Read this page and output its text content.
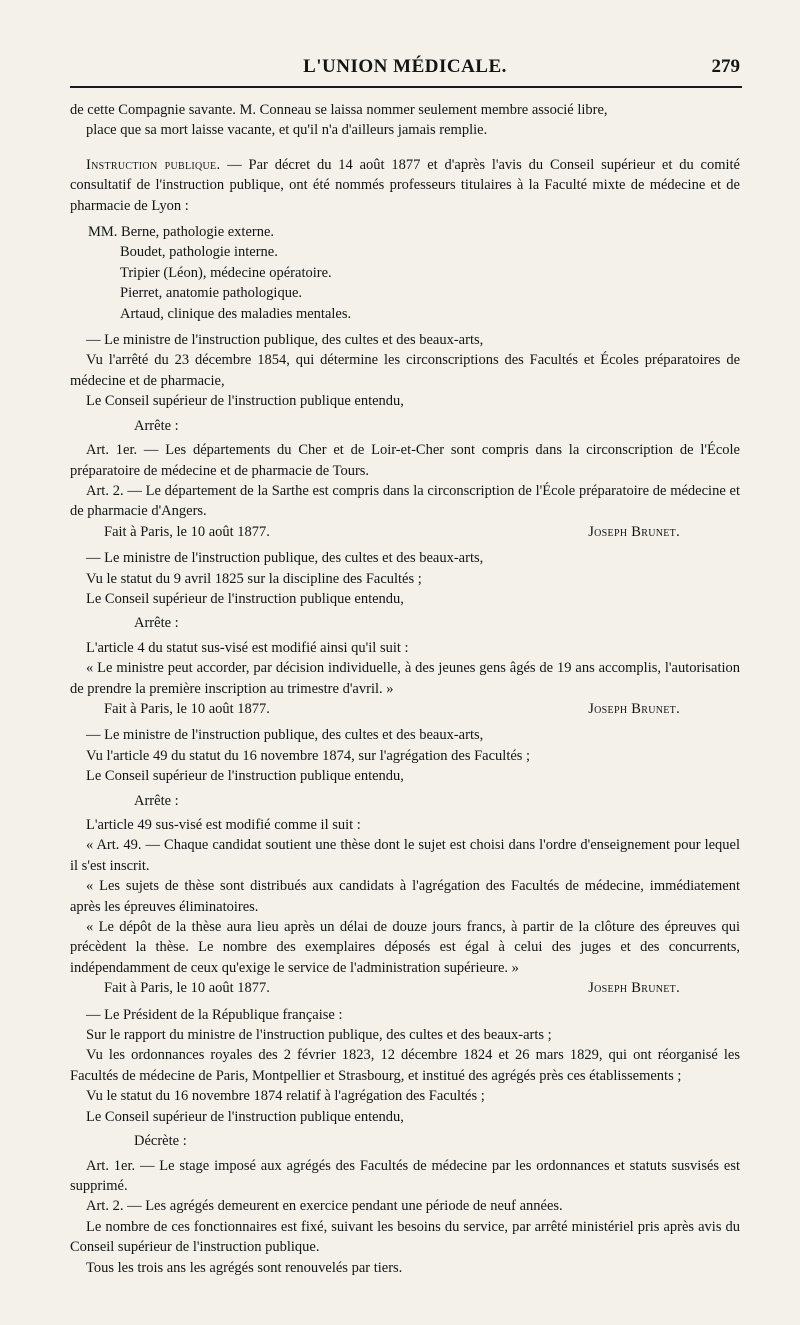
L'UNION MÉDICALE.	279

de cette Compagnie savante. M. Conneau se laissa nommer seulement membre associé libre,

place que sa mort laisse vacante, et qu'il n'a d'ailleurs jamais remplie.

Instruction publique. — Par décret du 14 août 1877 et d'après l'avis du Conseil supérieur et du comité consultatif de l'instruction publique, ont été nommés professeurs titulaires à la Faculté mixte de médecine et de pharmacie de Lyon :

MM. Berne, pathologie externe.

Boudet, pathologie interne.

Tripier (Léon), médecine opératoire.

Pierret, anatomie pathologique.

Artaud, clinique des maladies mentales.

— Le ministre de l'instruction publique, des cultes et des beaux-arts,

Vu l'arrêté du 23 décembre 1854, qui détermine les circonscriptions des Facultés et Écoles préparatoires de médecine et de pharmacie,

Le Conseil supérieur de l'instruction publique entendu,

Arrête :

Art. 1er. — Les départements du Cher et de Loir-et-Cher sont compris dans la circonscription de l'École préparatoire de médecine et de pharmacie de Tours.

Art. 2. — Le département de la Sarthe est compris dans la circonscription de l'École préparatoire de médecine et de pharmacie d'Angers.

Fait à Paris, le 10 août 1877.	Joseph Brunet.

— Le ministre de l'instruction publique, des cultes et des beaux-arts,

Vu le statut du 9 avril 1825 sur la discipline des Facultés ;

Le Conseil supérieur de l'instruction publique entendu,

Arrête :

L'article 4 du statut sus-visé est modifié ainsi qu'il suit :

« Le ministre peut accorder, par décision individuelle, à des jeunes gens âgés de 19 ans accomplis, l'autorisation de prendre la première inscription au trimestre d'avril. »

Fait à Paris, le 10 août 1877.	Joseph Brunet.

— Le ministre de l'instruction publique, des cultes et des beaux-arts,

Vu l'article 49 du statut du 16 novembre 1874, sur l'agrégation des Facultés ;

Le Conseil supérieur de l'instruction publique entendu,

Arrête :

L'article 49 sus-visé est modifié comme il suit :

« Art. 49. — Chaque candidat soutient une thèse dont le sujet est choisi dans l'ordre d'enseignement pour lequel il s'est inscrit.

« Les sujets de thèse sont distribués aux candidats à l'agrégation des Facultés de médecine, immédiatement après les épreuves éliminatoires.

« Le dépôt de la thèse aura lieu après un délai de douze jours francs, à partir de la clôture des épreuves qui précèdent la thèse. Le nombre des exemplaires déposés est égal à celui des juges et des concurrents, indépendamment de ceux qu'exige le service de l'administration supérieure. »

Fait à Paris, le 10 août 1877.	Joseph Brunet.

— Le Président de la République française :

Sur le rapport du ministre de l'instruction publique, des cultes et des beaux-arts ;

Vu les ordonnances royales des 2 février 1823, 12 décembre 1824 et 26 mars 1829, qui ont réorganisé les Facultés de médecine de Paris, Montpellier et Strasbourg, et institué des agrégés près ces établissements ;

Vu le statut du 16 novembre 1874 relatif à l'agrégation des Facultés ;

Le Conseil supérieur de l'instruction publique entendu,

Décrète :

Art. 1er. — Le stage imposé aux agrégés des Facultés de médecine par les ordonnances et statuts susvisés est supprimé.

Art. 2. — Les agrégés demeurent en exercice pendant une période de neuf années.

Le nombre de ces fonctionnaires est fixé, suivant les besoins du service, par arrêté ministériel pris après avis du Conseil supérieur de l'instruction publique.

Tous les trois ans les agrégés sont renouvelés par tiers.
